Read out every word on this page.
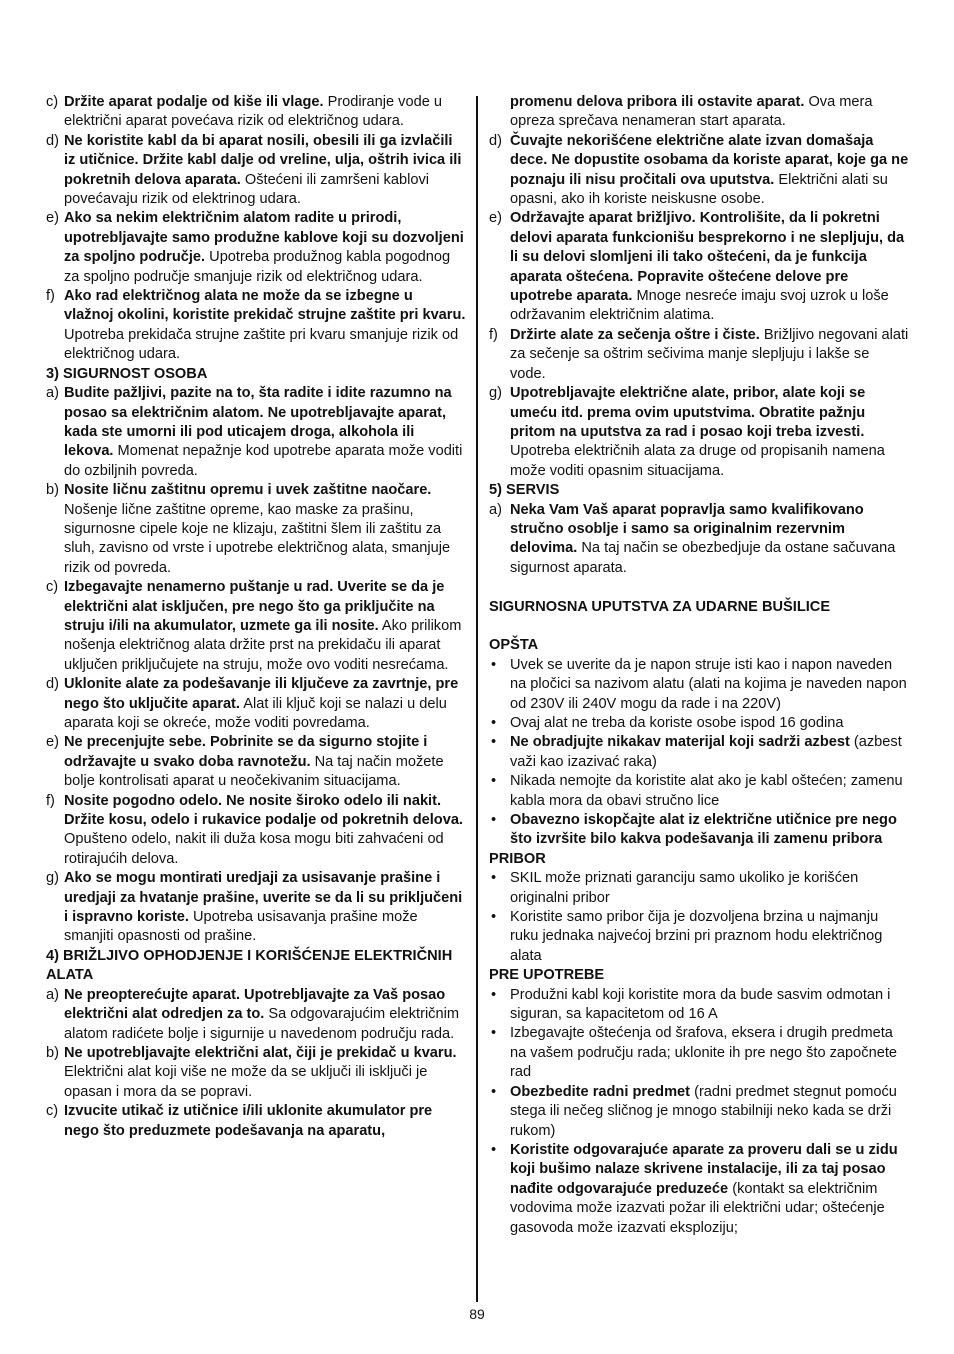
c) Držite aparat podalje od kiše ili vlage. Prodiranje vode u električni aparat povećava rizik od električnog udara.
d) Ne koristite kabl da bi aparat nosili, obesili ili ga izvlačili iz utičnice. Držite kabl dalje od vreline, ulja, oštrih ivica ili pokretnih delova aparata. Oštećeni ili zamršeni kablovi povećavaju rizik od elektrinog udara.
e) Ako sa nekim električnim alatom radite u prirodi, upotrebljavajte samo produžne kablove koji su dozvoljeni za spoljno područje. Upotreba produžnog kabla pogodnog za spoljno područje smanjuje rizik od električnog udara.
f) Ako rad električnog alata ne može da se izbegne u vlažnoj okolini, koristite prekidač strujne zaštite pri kvaru. Upotreba prekidača strujne zaštite pri kvaru smanjuje rizik od električnog udara.
3) SIGURNOST OSOBA
a) Budite pažljivi, pazite na to, šta radite i idite razumno na posao sa električnim alatom. Ne upotrebljavajte aparat, kada ste umorni ili pod uticajem droga, alkohola ili lekova. Momenat nepažnje kod upotrebe aparata može voditi do ozbiljnih povreda.
b) Nosite ličnu zaštitnu opremu i uvek zaštitne naočare. Nošenje lične zaštitne opreme, kao maske za prašinu, sigurnosne cipele koje ne klizaju, zaštitni šlem ili zaštitu za sluh, zavisno od vrste i upotrebe električnog alata, smanjuje rizik od povreda.
c) Izbegavajte nenamerno puštanje u rad. Uverite se da je električni alat isključen, pre nego što ga priključite na struju i/ili na akumulator, uzmete ga ili nosite. Ako prilikom nošenja električnog alata držite prst na prekidaču ili aparat uključen priključujete na struju, može ovo voditi nesrećama.
d) Uklonite alate za podešavanje ili ključeve za zavrtnje, pre nego što uključite aparat. Alat ili ključ koji se nalazi u delu aparata koji se okreće, može voditi povredama.
e) Ne precenjujte sebe. Pobrinite se da sigurno stojite i održavajte u svako doba ravnotežu. Na taj način možete bolje kontrolisati aparat u neočekivanim situacijama.
f) Nosite pogodno odelo. Ne nosite široko odelo ili nakit. Držite kosu, odelo i rukavice podalje od pokretnih delova. Opušteno odelo, nakit ili duža kosa mogu biti zahvaćeni od rotirajućih delova.
g) Ako se mogu montirati uredjaji za usisavanje prašine i uredjaji za hvatanje prašine, uverite se da li su priključeni i ispravno koriste. Upotreba usisavanja prašine može smanjiti opasnosti od prašine.
4) BRIŽLJIVO OPHODJENJE I KORIŠĆENJE ELEKTRIČNIH ALATA
a) Ne preopterećujte aparat. Upotrebljavajte za Vaš posao električni alat odredjen za to. Sa odgovarajućim električnim alatom radićete bolje i sigurnije u navedenom području rada.
b) Ne upotrebljavajte električni alat, čiji je prekidač u kvaru. Električni alat koji više ne može da se uključi ili isključi je opasan i mora da se popravi.
c) Izvucite utikač iz utičnice i/ili uklonite akumulator pre nego što preduzmete podešavanja na aparatu,
promenu delova pribora ili ostavite aparat. Ova mera opreza sprečava nenameran start aparata.
d) Čuvajte nekorišćene električne alate izvan domašaja dece. Ne dopustite osobama da koriste aparat, koje ga ne poznaju ili nisu pročitali ova uputstva. Električni alati su opasni, ako ih koriste neiskusne osobe.
e) Održavajte aparat brižljivo. Kontrolišite, da li pokretni delovi aparata funkcionišu besprekorno i ne slepljuju, da li su delovi slomljeni ili tako oštećeni, da je funkcija aparata oštećena. Popravite oštećene delove pre upotrebe aparata. Mnoge nesreće imaju svoj uzrok u loše održavanim električnim alatima.
f) Držirte alate za sečenja oštre i čiste. Brižljivo negovani alati za sečenje sa oštrim sečivima manje slepljuju i lakše se vode.
g) Upotrebljavajte električne alate, pribor, alate koji se umeću itd. prema ovim uputstvima. Obratite pažnju pritom na uputstva za rad i posao koji treba izvesti. Upotreba električnih alata za druge od propisanih namena može voditi opasnim situacijama.
5) SERVIS
a) Neka Vam Vaš aparat popravlja samo kvalifikovano stručno osoblje i samo sa originalnim rezervnim delovima. Na taj način se obezbedjuje da ostane sačuvana sigurnost aparata.
SIGURNOSNA UPUTSTVA ZA UDARNE BUŠILICE
OPŠTA
• Uvek se uverite da je napon struje isti kao i napon naveden na pločici sa nazivom alatu (alati na kojima je naveden napon od 230V ili 240V mogu da rade i na 220V)
• Ovaj alat ne treba da koriste osobe ispod 16 godina
• Ne obradjujte nikakav materijal koji sadrži azbest (azbest važi kao izazivać raka)
• Nikada nemojte da koristite alat ako je kabl oštećen; zamenu kabla mora da obavi stručno lice
• Obavezno iskopčajte alat iz električne utičnice pre nego što izvršite bilo kakva podešavanja ili zamenu pribora
PRIBOR
• SKIL može priznati garanciju samo ukoliko je korišćen originalni pribor
• Koristite samo pribor čija je dozvoljena brzina u najmanju ruku jednaka najvećoj brzini pri praznom hodu električnog alata
PRE UPOTREBE
• Produžni kabl koji koristite mora da bude sasvim odmotan i siguran, sa kapacitetom od 16 A
• Izbegavajte oštećenja od šrafova, eksera i drugih predmeta na vašem području rada; uklonite ih pre nego što započnete rad
• Obezbedite radni predmet (radni predmet stegnut pomoću stega ili nečeg sličnog je mnogo stabilniji neko kada se drži rukom)
• Koristite odgovarajuće aparate za proveru dali se u zidu koji bušimo nalaze skrivene instalacije, ili za taj posao nađite odgovarajuće preduzeće (kontakt sa električnim vodovima može izazvati požar ili električni udar; oštećenje gasovoda može izazvati eksploziju;
89
